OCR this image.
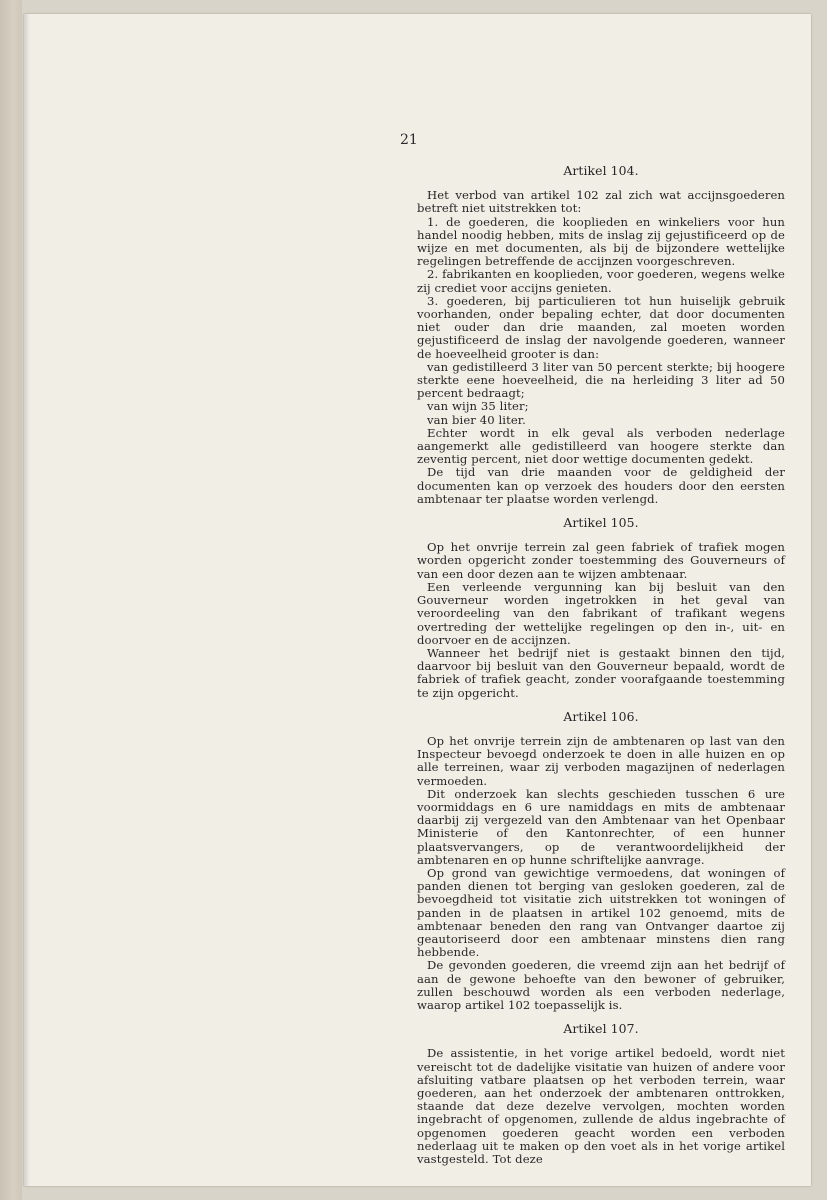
21
Artikel 104.

Het verbod van artikel 102 zal zich wat accijnsgoederen betreft niet uitstrekken tot:

1. de goederen, die kooplieden en winkeliers voor hun handel noodig hebben, mits de inslag zij gejustificeerd op de wijze en met documenten, als bij de bijzondere wettelijke regelingen betreffende de accijnzen voorgeschreven.

2. fabrikanten en kooplieden, voor goederen, wegens welke zij crediet voor accijns genieten.

3. goederen, bij particulieren tot hun huiselijk gebruik voorhanden, onder bepaling echter, dat door documenten niet ouder dan drie maanden, zal moeten worden gejustificeerd de inslag der navolgende goederen, wanneer de hoeveelheid grooter is dan:

van gedistilleerd 3 liter van 50 percent sterkte; bij hoogere sterkte eene hoeveelheid, die na herleiding 3 liter ad 50 percent bedraagt;

van wijn 35 liter;

van bier 40 liter.

Echter wordt in elk geval als verboden nederlage aangemerkt alle gedistilleerd van hoogere sterkte dan zeventig percent, niet door wettige documenten gedekt.

De tijd van drie maanden voor de geldigheid der documenten kan op verzoek des houders door den eersten ambtenaar ter plaatse worden verlengd.

Artikel 105.

Op het onvrije terrein zal geen fabriek of trafiek mogen worden opgericht zonder toestemming des Gouverneurs of van een door dezen aan te wijzen ambtenaar.

Een verleende vergunning kan bij besluit van den Gouverneur worden ingetrokken in het geval van veroordeeling van den fabrikant of trafikant wegens overtreding der wettelijke regelingen op den in-, uit- en doorvoer en de accijnzen.

Wanneer het bedrijf niet is gestaakt binnen den tijd, daarvoor bij besluit van den Gouverneur bepaald, wordt de fabriek of trafiek geacht, zonder voorafgaande toestemming te zijn opgericht.

Artikel 106.

Op het onvrije terrein zijn de ambtenaren op last van den Inspecteur bevoegd onderzoek te doen in alle huizen en op alle terreinen, waar zij verboden magazijnen of nederlagen vermoeden.

Dit onderzoek kan slechts geschieden tusschen 6 ure voormiddags en 6 ure namiddags en mits de ambtenaar daarbij zij vergezeld van den Ambtenaar van het Openbaar Ministerie of den Kantonrechter, of een hunner plaatsvervangers, op de verantwoordelijkheid der ambtenaren en op hunne schriftelijke aanvrage.

Op grond van gewichtige vermoedens, dat woningen of panden dienen tot berging van gesloken goederen, zal de bevoegdheid tot visitatie zich uitstrekken tot woningen of panden in de plaatsen in artikel 102 genoemd, mits de ambtenaar beneden den rang van Ontvanger daartoe zij geautoriseerd door een ambtenaar minstens dien rang hebbende.

De gevonden goederen, die vreemd zijn aan het bedrijf of aan de gewone behoefte van den bewoner of gebruiker, zullen beschouwd worden als een verboden nederlage, waarop artikel 102 toepasselijk is.

Artikel 107.

De assistentie, in het vorige artikel bedoeld, wordt niet vereischt tot de dadelijke visitatie van huizen of andere voor afsluiting vatbare plaatsen op het verboden terrein, waar goederen, aan het onderzoek der ambtenaren onttrokken, staande dat deze dezelve vervolgen, mochten worden ingebracht of opgenomen, zullende de aldus ingebrachte of opgenomen goederen geacht worden een verboden nederlaag uit te maken op den voet als in het vorige artikel vastgesteld. Tot deze
